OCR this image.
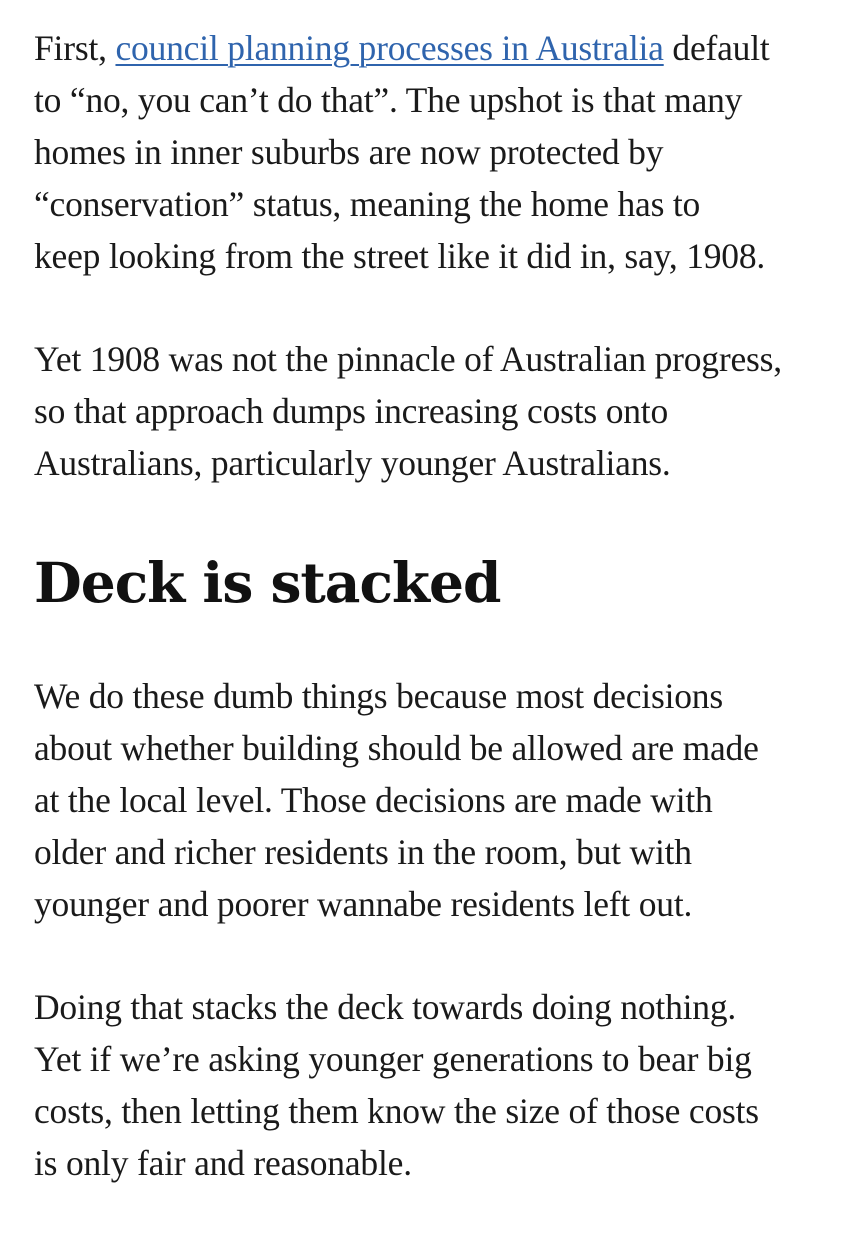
First, council planning processes in Australia default
to “no, you can’t do that”. The upshot is that many
homes in inner suburbs are now protected by
“conservation” status, meaning the home has to
keep looking from the street like it did in, say, 1908.

Yet 1908 was not the pinnacle of Australian progress,
so that approach dumps increasing costs onto
Australians, particularly younger Australians.

Deck is stacked

We do these dumb things because most decisions
about whether building should be allowed are made
at the local level. Those decisions are made with
older and richer residents in the room, but with
younger and poorer wannabe residents left out.

Doing that stacks the deck towards doing nothing.
Yet if we’re asking younger generations to bear big
costs, then letting them know the size of those costs
is only fair and reasonable.
